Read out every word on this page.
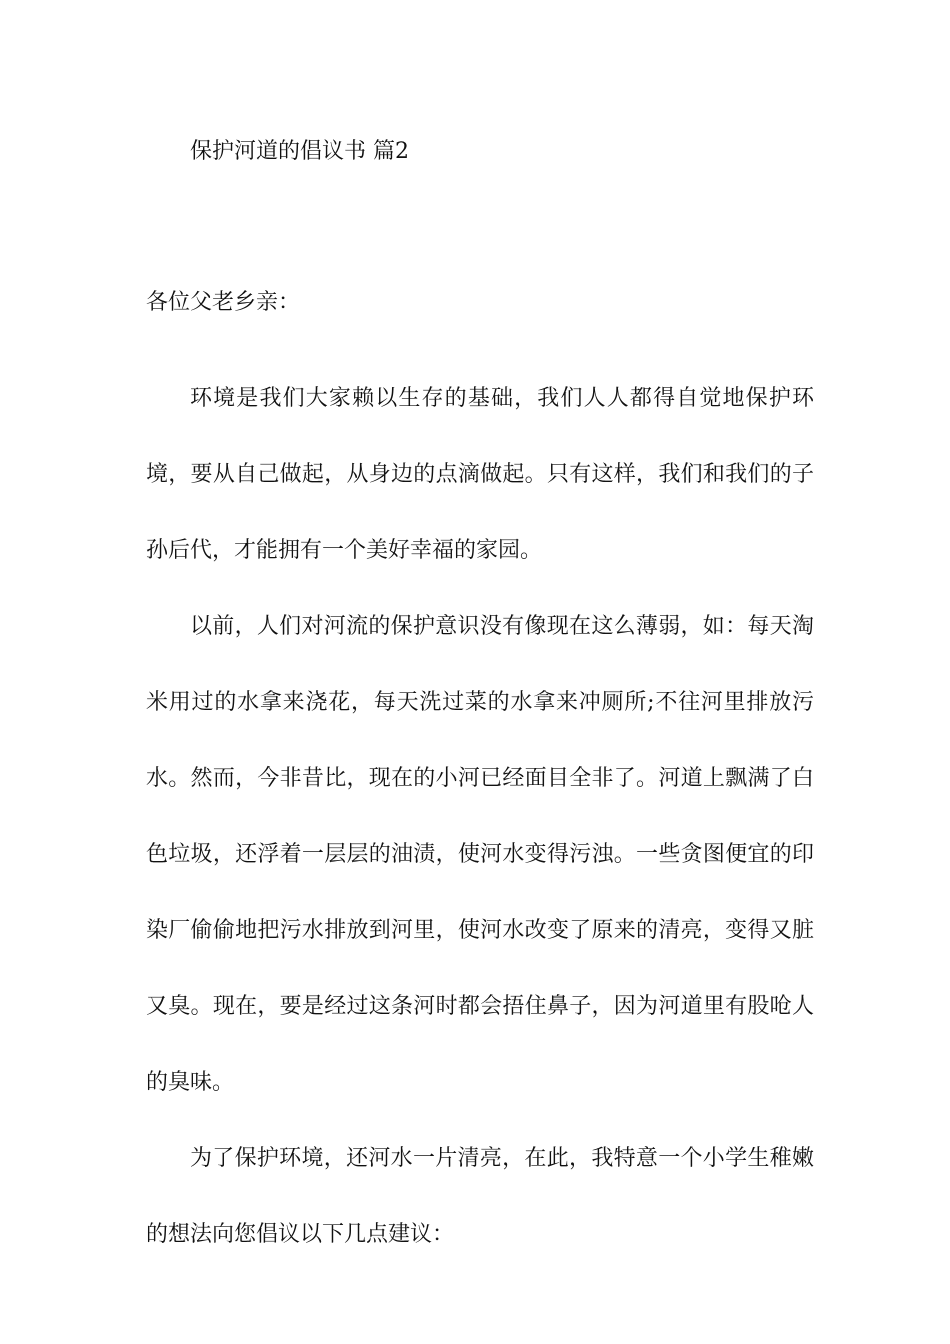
保护河道的倡议书 篇2

各位父老乡亲：

环境是我们大家赖以生存的基础，我们人人都得自觉地保护环境，要从自己做起，从身边的点滴做起。只有这样，我们和我们的子孙后代，才能拥有一个美好幸福的家园。

以前，人们对河流的保护意识没有像现在这么薄弱，如：每天淘米用过的水拿来浇花，每天洗过菜的水拿来冲厕所;不往河里排放污水。然而，今非昔比，现在的小河已经面目全非了。河道上飘满了白色垃圾，还浮着一层层的油渍，使河水变得污浊。一些贪图便宜的印染厂偷偷地把污水排放到河里，使河水改变了原来的清亮，变得又脏又臭。现在，要是经过这条河时都会捂住鼻子，因为河道里有股呛人的臭味。

为了保护环境，还河水一片清亮，在此，我特意一个小学生稚嫩的想法向您倡议以下几点建议：
